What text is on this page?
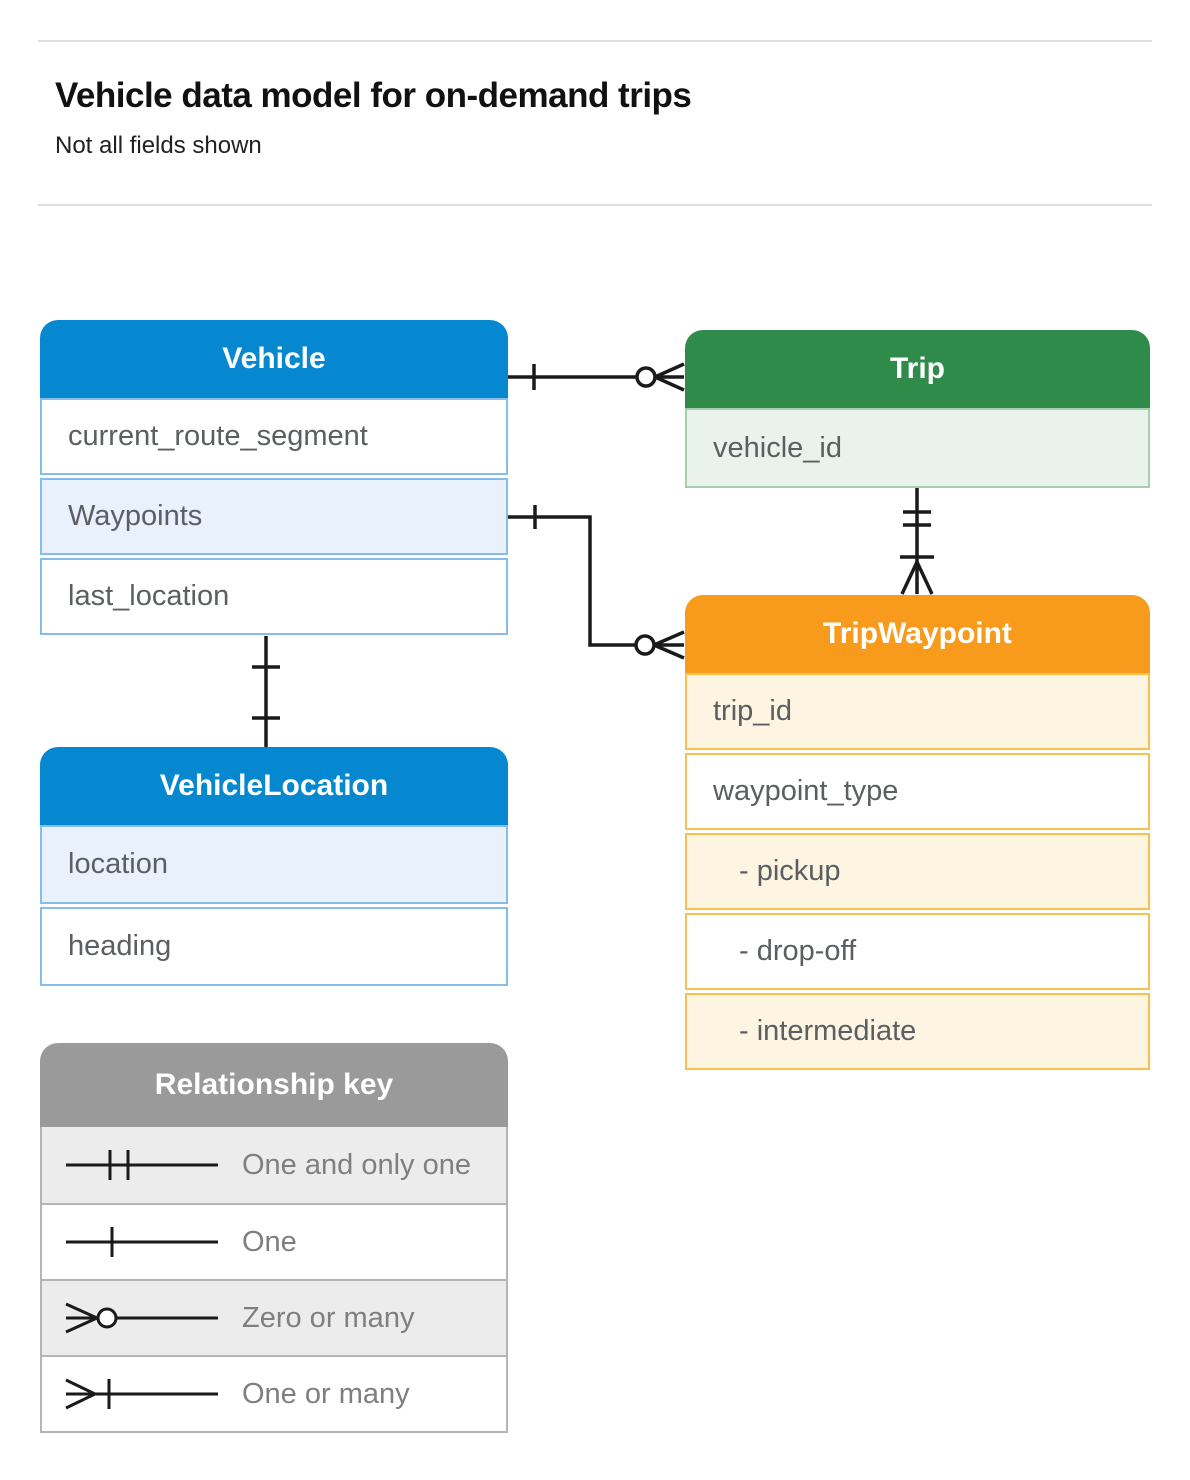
Vehicle data model for on-demand trips
Not all fields shown
Vehicle
current_route_segment
Waypoints
last_location
Trip
vehicle_id
TripWaypoint
trip_id
waypoint_type
- pickup
- drop-off
- intermediate
VehicleLocation
location
heading
Relationship key
One and only one
One
Zero or many
One or many
